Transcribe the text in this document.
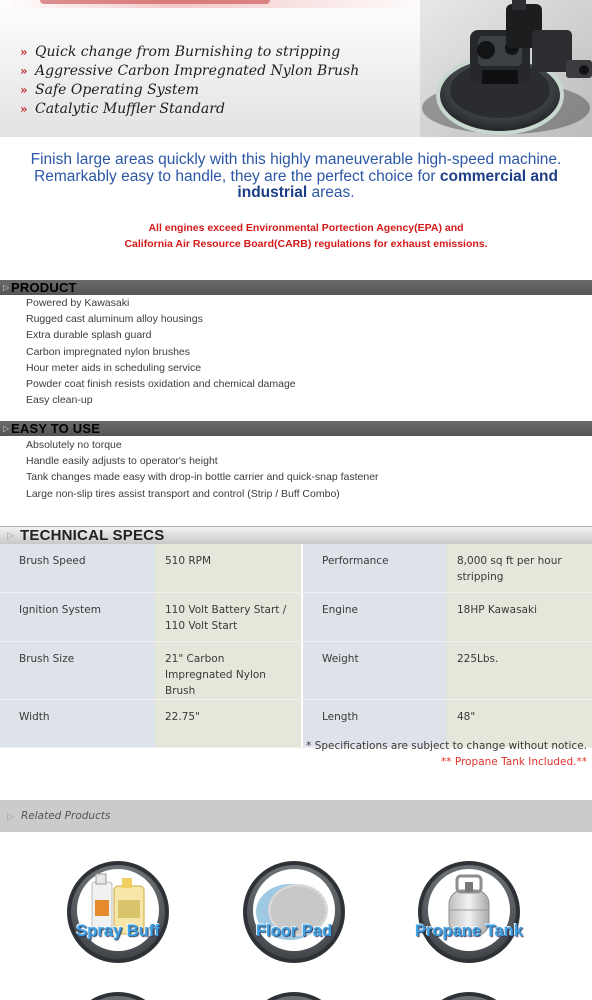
» Quick change from Burnishing to stripping
» Aggressive Carbon Impregnated Nylon Brush
» Safe Operating System
» Catalytic Muffler Standard
Finish large areas quickly with this highly maneuverable high-speed machine. Remarkably easy to handle, they are the perfect choice for commercial and industrial areas.
All engines exceed Environmental Portection Agency(EPA) and
California Air Resource Board(CARB) regulations for exhaust emissions.
▷ PRODUCT
Powered by Kawasaki
Rugged cast aluminum alloy housings
Extra durable splash guard
Carbon impregnated nylon brushes
Hour meter aids in scheduling service
Powder coat finish resists oxidation and chemical damage
Easy clean-up
▷ EASY TO USE
Absolutely no torque
Handle easily adjusts to operator's height
Tank changes made easy with drop-in bottle carrier and quick-snap fastener
Large non-slip tires assist transport and control (Strip / Buff Combo)
▷ TECHNICAL SPECS
Brush Speed	510 RPM		Performance	8,000 sq ft per hour stripping
Ignition System	110 Volt Battery Start / 110 Volt Start		Engine	18HP Kawasaki
Brush Size	21" Carbon Impregnated Nylon Brush		Weight	225Lbs.
Width	22.75"		Length	48"
* Specifications are subject to change without notice.
** Propane Tank Included.**
▷ Related Products
Spray Buff	Floor Pad	Propane Tank
